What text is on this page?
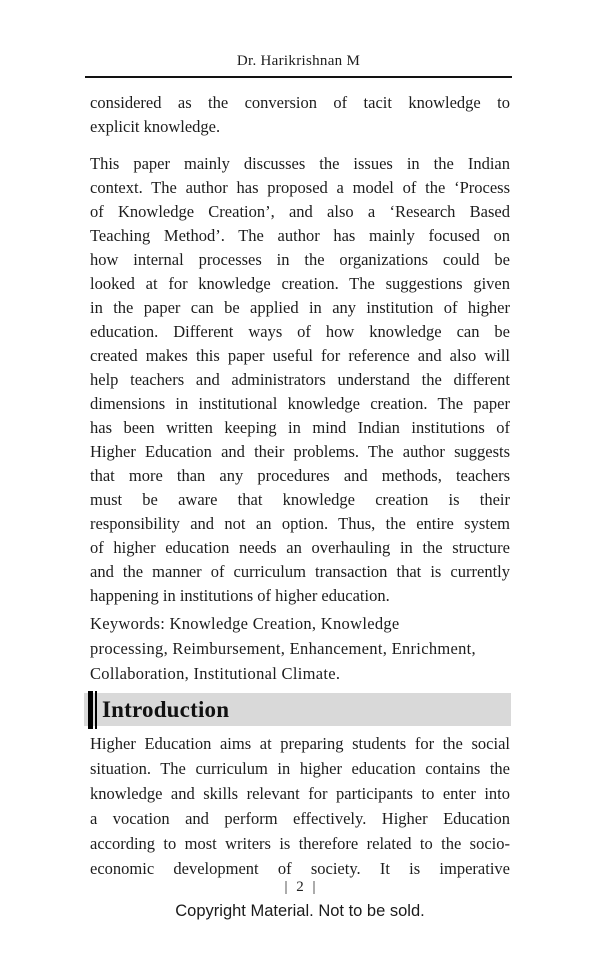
Dr. Harikrishnan M
considered as the conversion of tacit knowledge to
explicit knowledge.
This paper mainly discusses the issues in the Indian
context. The author has proposed a model of the ‘Process
of Knowledge Creation’, and also a ‘Research Based
Teaching Method’. The author has mainly focused on
how internal processes in the organizations could be
looked at for knowledge creation. The suggestions given
in the paper can be applied in any institution of higher
education. Different ways of how knowledge can be
created makes this paper useful for reference and also will
help teachers and administrators understand the different
dimensions in institutional knowledge creation. The paper
has been written keeping in mind Indian institutions of
Higher Education and their problems. The author suggests
that more than any procedures and methods, teachers
must be aware that knowledge creation is their
responsibility and not an option. Thus, the entire system
of higher education needs an overhauling in the structure
and the manner of curriculum transaction that is currently
happening in institutions of higher education.
Keywords: Knowledge Creation, Knowledge
processing, Reimbursement, Enhancement, Enrichment,
Collaboration, Institutional Climate.
Introduction
Higher Education aims at preparing students for the social
situation. The curriculum in higher education contains the
knowledge and skills relevant for participants to enter into
a vocation and perform effectively. Higher Education
according to most writers is therefore related to the socio-
economic development of society. It is imperative
| 2 |
Copyright Material. Not to be sold.
